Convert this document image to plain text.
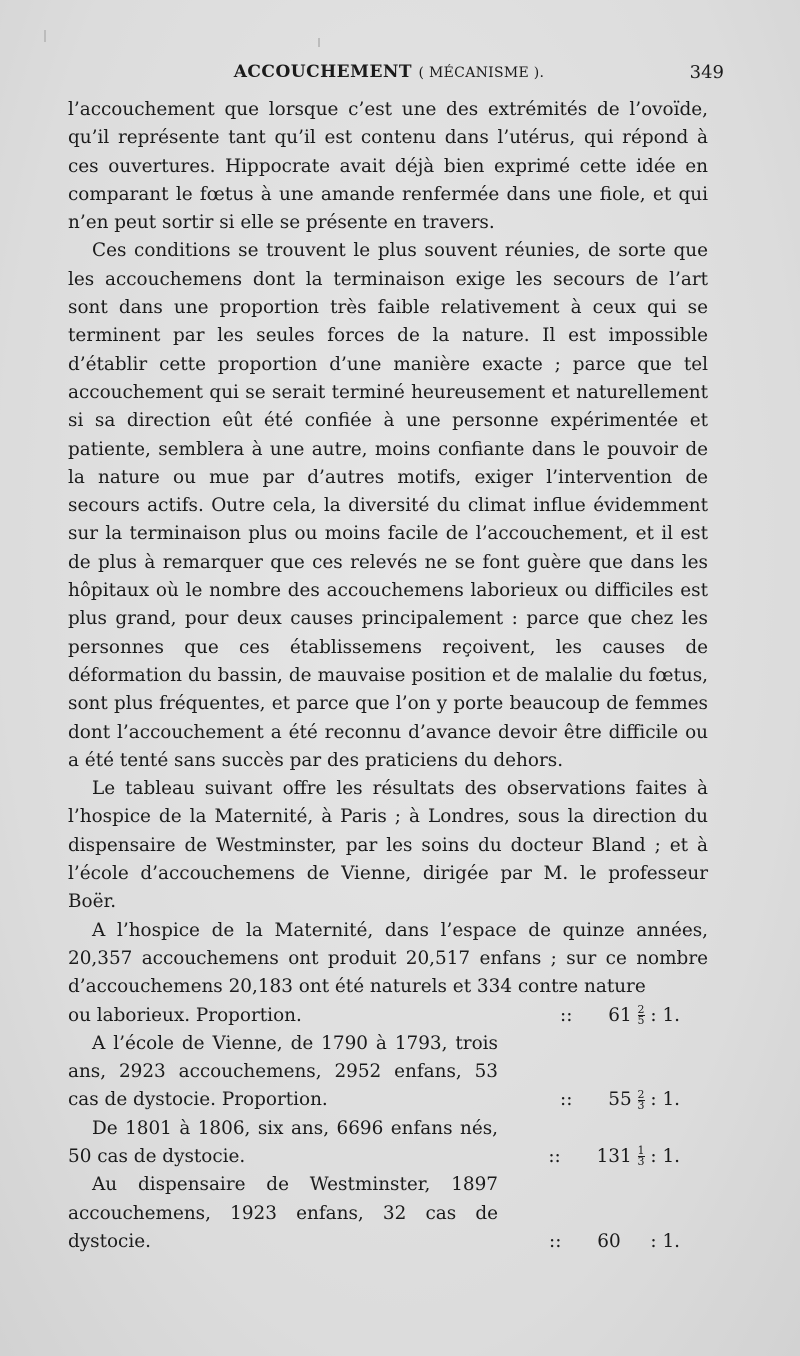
ACCOUCHEMENT ( MÉCANISME ).	349

l’accouchement que lorsque c’est une des extrémités de l’ovoïde, qu’il représente tant qu’il est contenu dans l’utérus, qui répond à ces ouvertures. Hippocrate avait déjà bien exprimé cette idée en comparant le fœtus à une amande renfermée dans une fiole, et qui n’en peut sortir si elle se présente en travers.

Ces conditions se trouvent le plus souvent réunies, de sorte que les accouchemens dont la terminaison exige les secours de l’art sont dans une proportion très faible relativement à ceux qui se terminent par les seules forces de la nature. Il est impossible d’établir cette proportion d’une manière exacte ; parce que tel accouchement qui se serait terminé heureusement et naturellement si sa direction eût été confiée à une personne expérimentée et patiente, semblera à une autre, moins confiante dans le pouvoir de la nature ou mue par d’autres motifs, exiger l’intervention de secours actifs. Outre cela, la diversité du climat influe évidemment sur la terminaison plus ou moins facile de l’accouchement, et il est de plus à remarquer que ces relevés ne se font guère que dans les hôpitaux où le nombre des accouchemens laborieux ou difficiles est plus grand, pour deux causes principalement : parce que chez les personnes que ces établissemens reçoivent, les causes de déformation du bassin, de mauvaise position et de malalie du fœtus, sont plus fréquentes, et parce que l’on y porte beaucoup de femmes dont l’accouchement a été reconnu d’avance devoir être difficile ou a été tenté sans succès par des praticiens du dehors.

Le tableau suivant offre les résultats des observations faites à l’hospice de la Maternité, à Paris ; à Londres, sous la direction du dispensaire de Westminster, par les soins du docteur Bland ; et à l’école d’accouchemens de Vienne, dirigée par M. le professeur Boër.

A l’hospice de la Maternité, dans l’espace de quinze années, 20,357 accouchemens ont produit 20,517 enfans ; sur ce nombre d’accouchemens 20,183 ont été naturels et 334 contre nature

ou laborieux. Proportion.	:: $61 \frac{2}{5}$ : 1.
A l’école de Vienne, de 1790 à 1793, trois ans, 2923 accouchemens, 2952 enfans, 53 cas de dystocie. Proportion.	:: $55 \frac{2}{3}$ : 1.
De 1801 à 1806, six ans, 6696 enfans nés, 50 cas de dystocie.	:: $131 \frac{1}{3}$ : 1.
Au dispensaire de Westminster, 1897 accouchemens, 1923 enfans, 32 cas de dystocie.	:: 60 : 1.
